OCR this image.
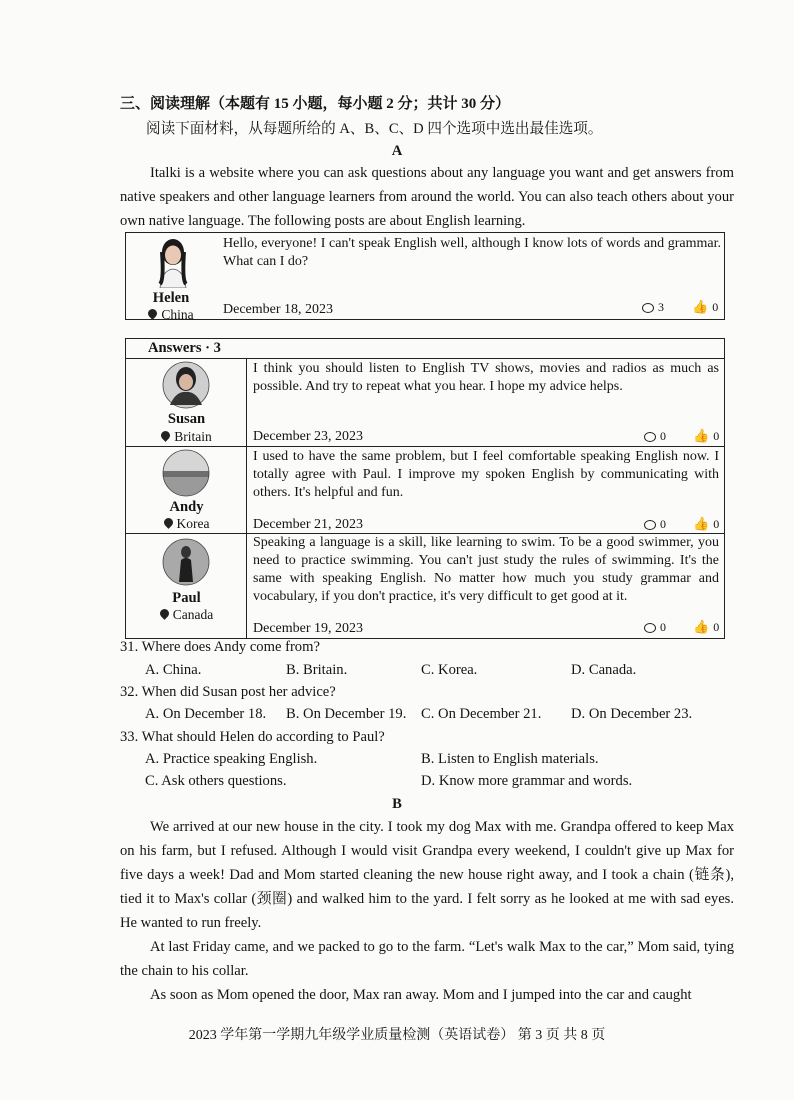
三、阅读理解（本题有 15 小题，每小题 2 分；共计 30 分）
阅读下面材料，从每题所给的 A、B、C、D 四个选项中选出最佳选项。
A

Italki is a website where you can ask questions about any language you want and get answers from native speakers and other language learners from around the world. You can also teach others about your own native language. The following posts are about English learning.

Helen
China
Hello, everyone! I can't speak English well, although I know lots of words and grammar. What can I do?
December 18, 2023	3 👍 0
Answers · 3
Susan
Britain
I think you should listen to English TV shows, movies and radios as much as possible. And try to repeat what you hear. I hope my advice helps.
December 23, 2023	0 👍 0
Andy
Korea
I used to have the same problem, but I feel comfortable speaking English now. I totally agree with Paul. I improve my spoken English by communicating with others. It's helpful and fun.
December 21, 2023	0 👍 0
Paul
Canada
Speaking a language is a skill, like learning to swim. To be a good swimmer, you need to practice swimming. You can't just study the rules of swimming. It's the same with speaking English. No matter how much you study grammar and vocabulary, if you don't practice, it's very difficult to get good at it.
December 19, 2023	0 👍 0
31. Where does Andy come from?
A. China.	B. Britain.	C. Korea.	D. Canada.
32. When did Susan post her advice?
A. On December 18. B. On December 19. C. On December 21. D. On December 23.
33. What should Helen do according to Paul?
A. Practice speaking English.	B. Listen to English materials.
C. Ask others questions.	D. Know more grammar and words.
B

We arrived at our new house in the city. I took my dog Max with me. Grandpa offered to keep Max on his farm, but I refused. Although I would visit Grandpa every weekend, I couldn't give up Max for five days a week! Dad and Mom started cleaning the new house right away, and I took a chain (链条), tied it to Max's collar (颈圈) and walked him to the yard. I felt sorry as he looked at me with sad eyes. He wanted to run freely.

At last Friday came, and we packed to go to the farm. “Let's walk Max to the car,” Mom said, tying the chain to his collar.

As soon as Mom opened the door, Max ran away. Mom and I jumped into the car and caught

2023 学年第一学期九年级学业质量检测（英语试卷） 第 3 页 共 8 页
